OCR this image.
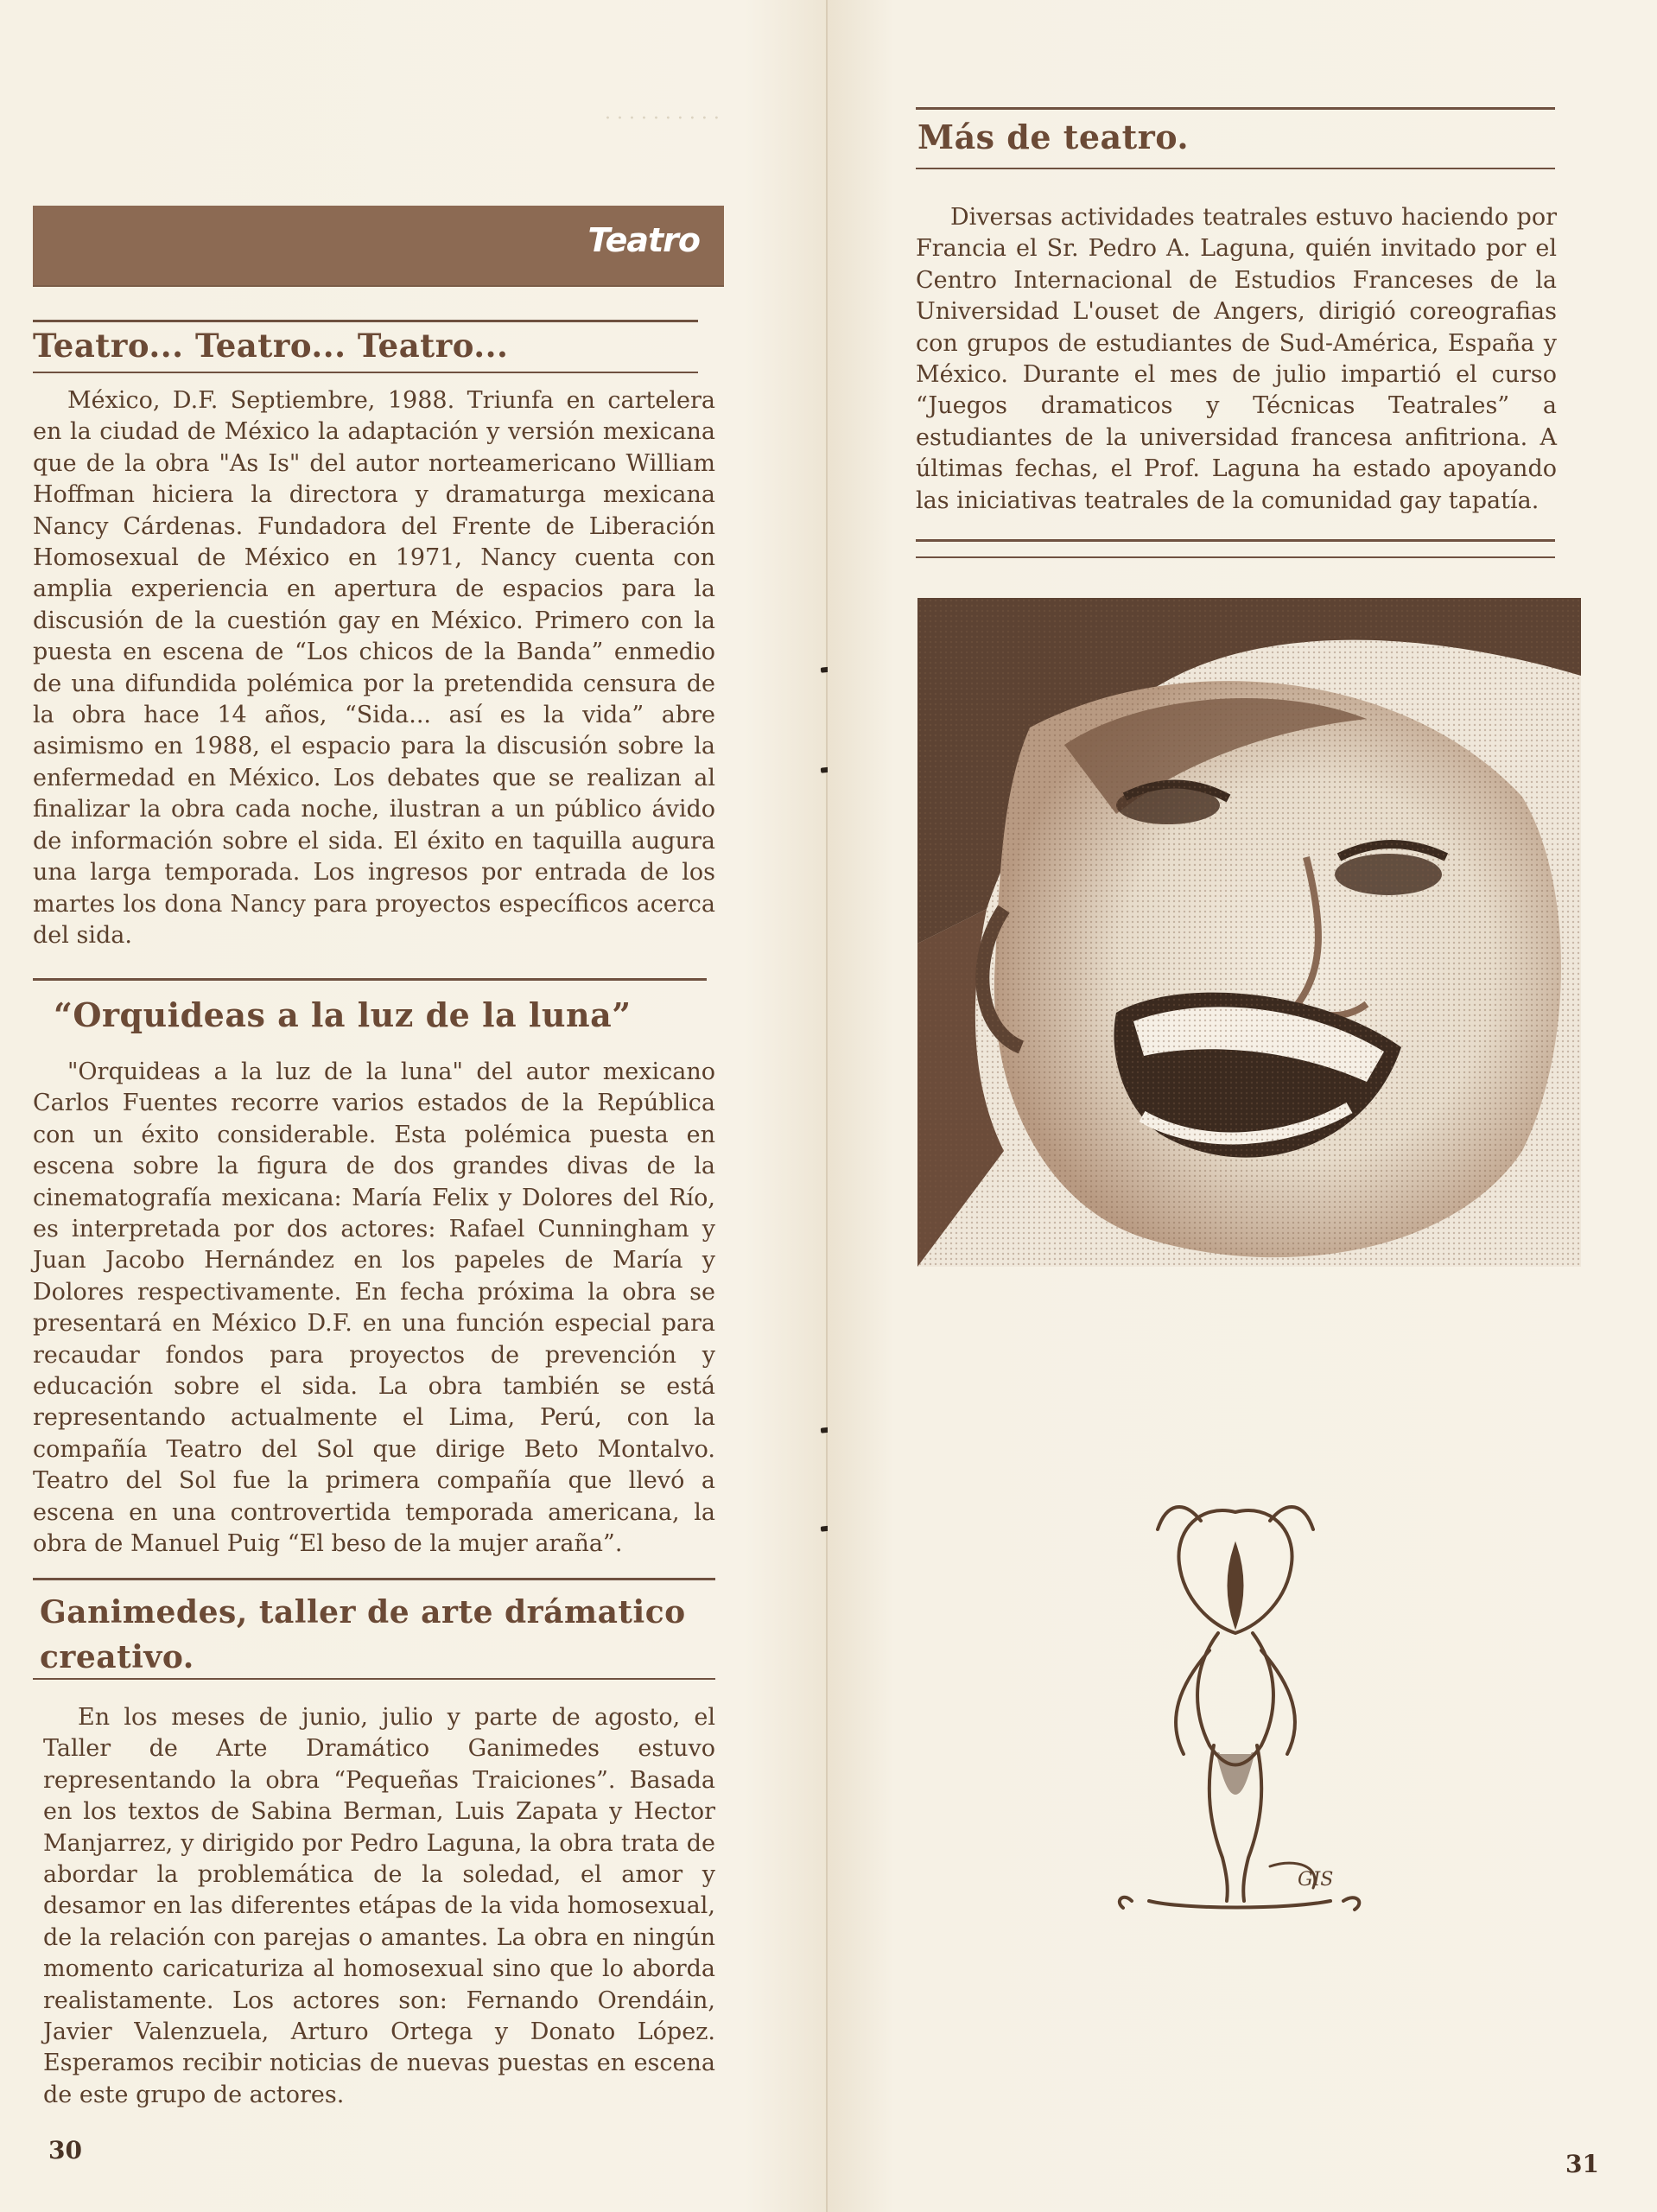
· · · · · · · · · ·
Teatro
Teatro... Teatro... Teatro...

México, D.F. Septiembre, 1988. Triunfa en cartelera en la ciudad de México la adaptación y versión mexicana que de la obra "As Is" del autor norteamericano William Hoffman hiciera la directora y dramaturga mexicana Nancy Cárdenas. Fundadora del Frente de Liberación Homosexual de México en 1971, Nancy cuenta con amplia experiencia en apertura de espacios para la discusión de la cuestión gay en México. Primero con la puesta en escena de “Los chicos de la Banda” enmedio de una difundida polémica por la pretendida censura de la obra hace 14 años, “Sida... así es la vida” abre asimismo en 1988, el espacio para la discusión sobre la enfermedad en México. Los debates que se realizan al finalizar la obra cada noche, ilustran a un público ávido de información sobre el sida. El éxito en taquilla augura una larga temporada. Los ingresos por entrada de los martes los dona Nancy para proyectos específicos acerca del sida.

“Orquideas a la luz de la luna”

"Orquideas a la luz de la luna" del autor mexicano Carlos Fuentes recorre varios estados de la República con un éxito considerable. Esta polémica puesta en escena sobre la figura de dos grandes divas de la cinematografía mexicana: María Felix y Dolores del Río, es interpretada por dos actores: Rafael Cunningham y Juan Jacobo Hernández en los papeles de María y Dolores respectivamente. En fecha próxima la obra se presentará en México D.F. en una función especial para recaudar fondos para proyectos de prevención y educación sobre el sida. La obra también se está representando actualmente el Lima, Perú, con la compañía Teatro del Sol que dirige Beto Montalvo. Teatro del Sol fue la primera compañía que llevó a escena en una controvertida temporada americana, la obra de Manuel Puig “El beso de la mujer araña”.

Ganimedes, taller de arte drámatico creativo.

En los meses de junio, julio y parte de agosto, el Taller de Arte Dramático Ganimedes estuvo representando la obra “Pequeñas Traiciones”. Basada en los textos de Sabina Berman, Luis Zapata y Hector Manjarrez, y dirigido por Pedro Laguna, la obra trata de abordar la problemática de la soledad, el amor y desamor en las diferentes etápas de la vida homosexual, de la relación con parejas o amantes. La obra en ningún momento caricaturiza al homosexual sino que lo aborda realistamente. Los actores son: Fernando Orendáin, Javier Valenzuela, Arturo Ortega y Donato López. Esperamos recibir noticias de nuevas puestas en escena de este grupo de actores.

30
Más de teatro.

Diversas actividades teatrales estuvo haciendo por Francia el Sr. Pedro A. Laguna, quién invitado por el Centro Internacional de Estudios Franceses de la Universidad L'ouset de Angers, dirigió coreografias con grupos de estudiantes de Sud-América, España y México. Durante el mes de julio impartió el curso “Juegos dramaticos y Técnicas Teatrales” a estudiantes de la universidad francesa anfitriona. A últimas fechas, el Prof. Laguna ha estado apoyando las iniciativas teatrales de la comunidad gay tapatía.

31
GIS
